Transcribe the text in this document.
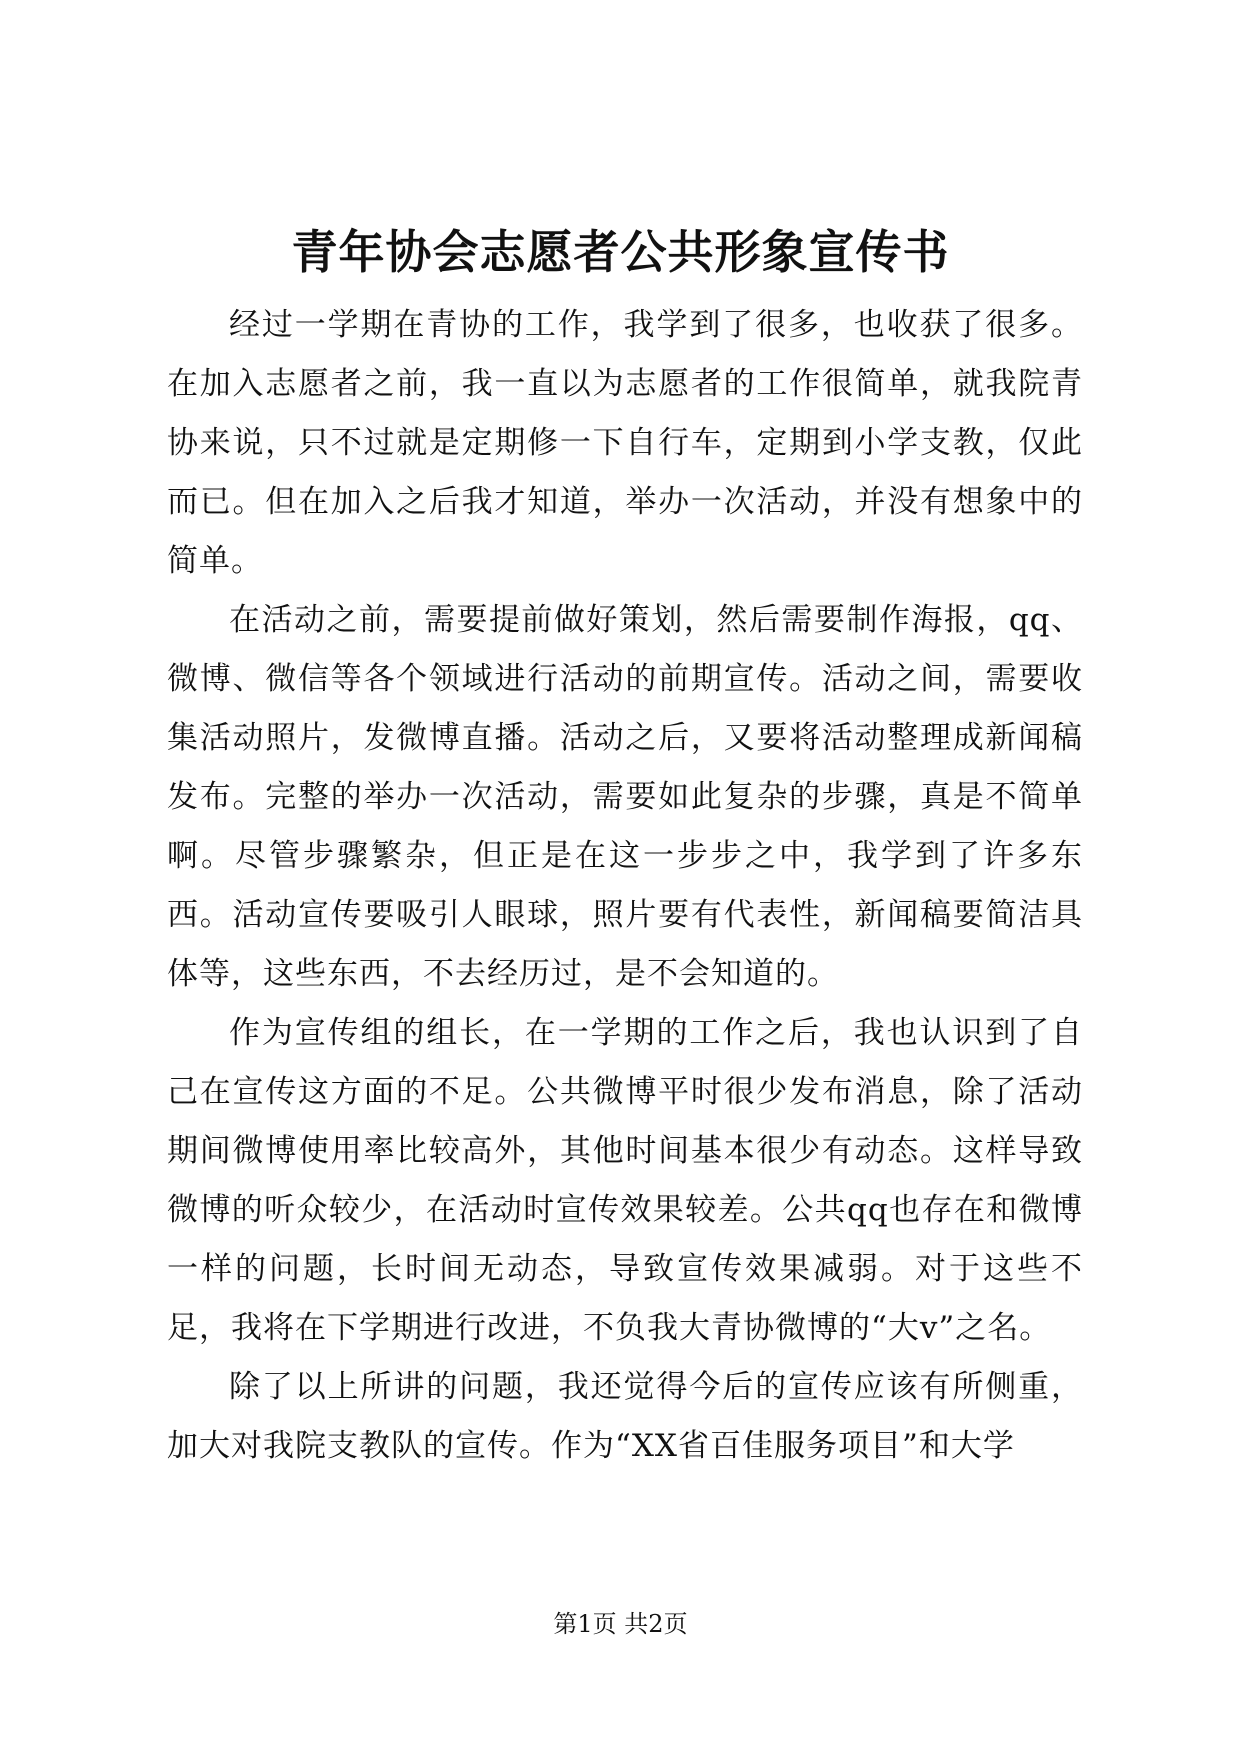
青年协会志愿者公共形象宣传书

经过一学期在青协的工作，我学到了很多，也收获了很多。在加入志愿者之前，我一直以为志愿者的工作很简单，就我院青协来说，只不过就是定期修一下自行车，定期到小学支教，仅此而已。但在加入之后我才知道，举办一次活动，并没有想象中的简单。

在活动之前，需要提前做好策划，然后需要制作海报，qq、微博、微信等各个领域进行活动的前期宣传。活动之间，需要收集活动照片，发微博直播。活动之后，又要将活动整理成新闻稿发布。完整的举办一次活动，需要如此复杂的步骤，真是不简单啊。尽管步骤繁杂，但正是在这一步步之中，我学到了许多东西。活动宣传要吸引人眼球，照片要有代表性，新闻稿要简洁具体等，这些东西，不去经历过，是不会知道的。

作为宣传组的组长，在一学期的工作之后，我也认识到了自己在宣传这方面的不足。公共微博平时很少发布消息，除了活动期间微博使用率比较高外，其他时间基本很少有动态。这样导致微博的听众较少，在活动时宣传效果较差。公共qq也存在和微博一样的问题，长时间无动态，导致宣传效果减弱。对于这些不足，我将在下学期进行改进，不负我大青协微博的“大v”之名。

除了以上所讲的问题，我还觉得今后的宣传应该有所侧重，加大对我院支教队的宣传。作为“XX省百佳服务项目”和大学

第1页 共2页
